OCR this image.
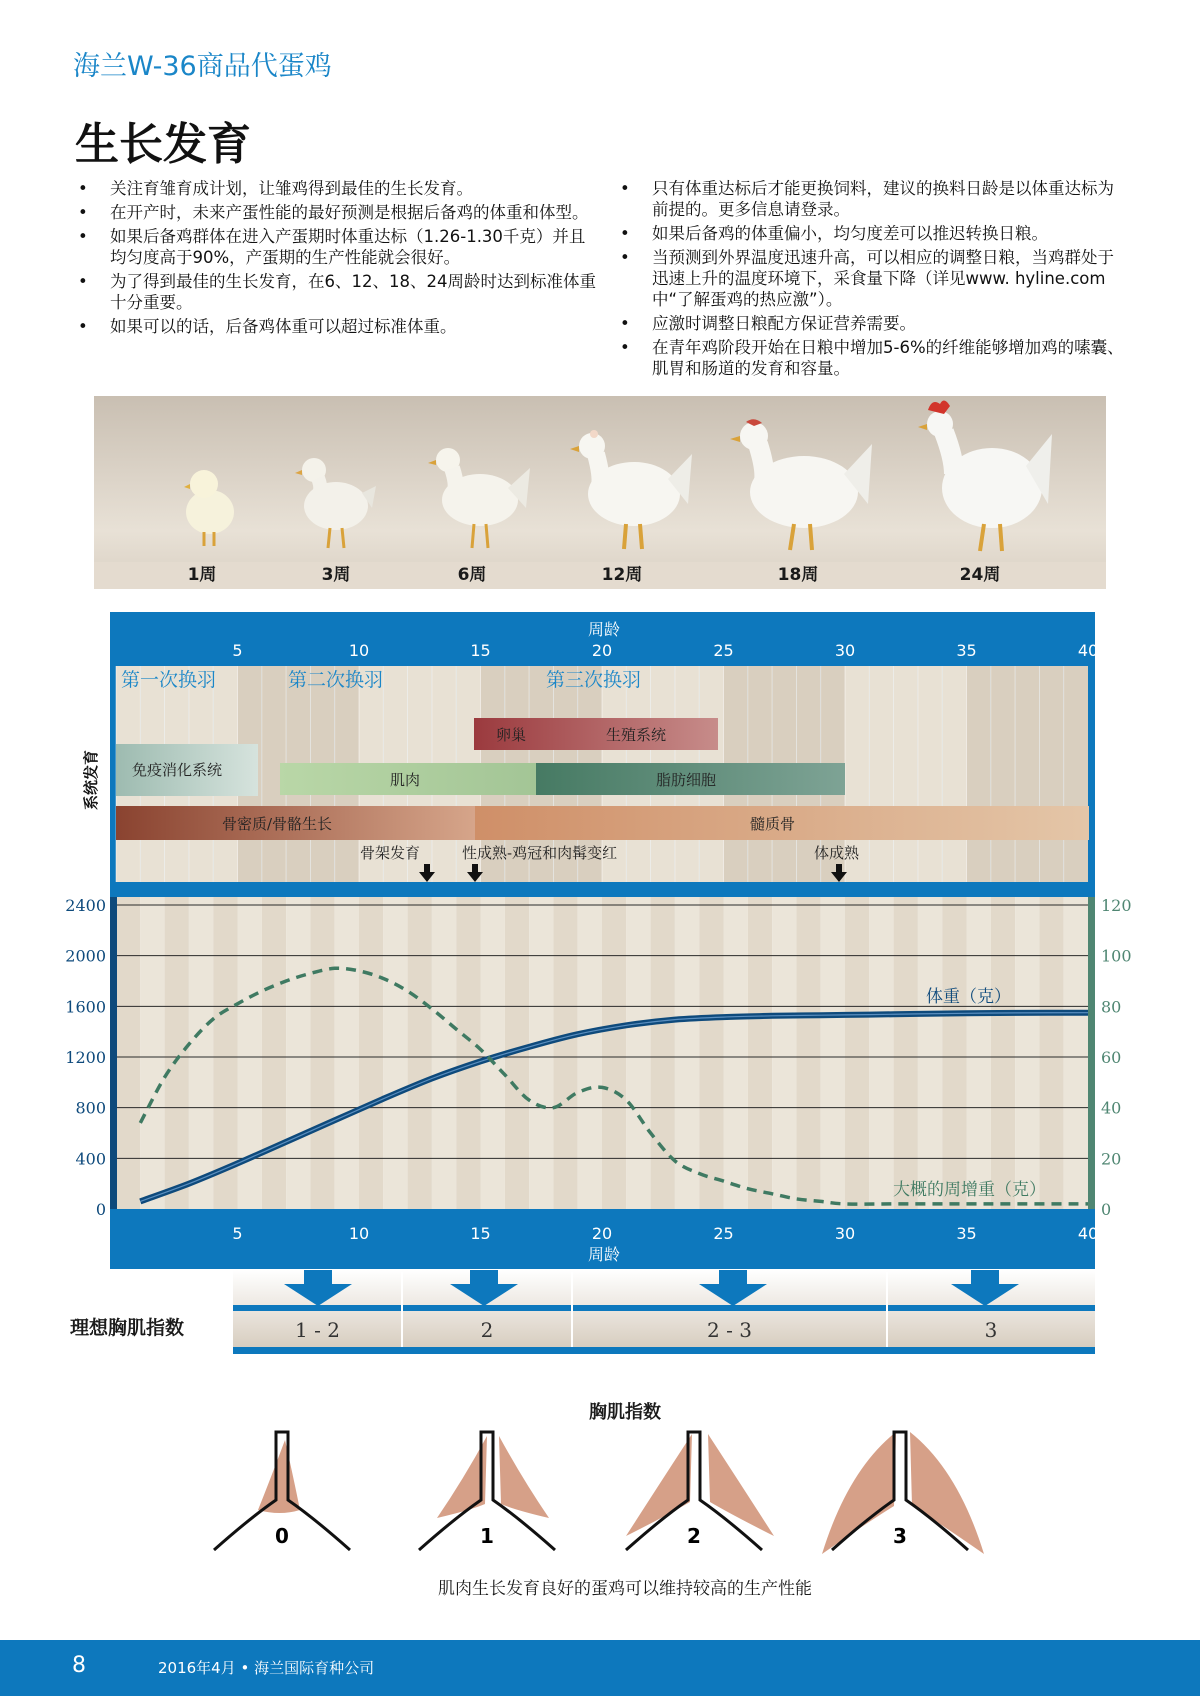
海兰W-36商品代蛋鸡
生长发育
• 关注育雏育成计划，让雏鸡得到最佳的生长发育。
• 在开产时，未来产蛋性能的最好预测是根据后备鸡的体重和体型。
• 如果后备鸡群体在进入产蛋期时体重达标（1.26-1.30千克）并且均匀度高于90%，产蛋期的生产性能就会很好。
• 为了得到最佳的生长发育，在6、12、18、24周龄时达到标准体重十分重要。
• 如果可以的话，后备鸡体重可以超过标准体重。
• 只有体重达标后才能更换饲料，建议的换料日龄是以体重达标为前提的。更多信息请登录。
• 如果后备鸡的体重偏小，均匀度差可以推迟转换日粮。
• 当预测到外界温度迅速升高，可以相应的调整日粮，当鸡群处于迅速上升的温度环境下，采食量下降（详见www. hyline.com中“了解蛋鸡的热应激”）。
• 应激时调整日粮配方保证营养需要。
• 在青年鸡阶段开始在日粮中增加5-6%的纤维能够增加鸡的嗉囊、肌胃和肠道的发育和容量。
1周	3周	6周	12周	18周	24周
卵巢	生殖系统
免疫消化系统
肌肉	脂肪细胞
骨密质/骨骼生长	髓质骨
第一次换羽	第二次换羽	第三次换羽
骨架发育	性成熟-鸡冠和肉髯变红	体成熟
周龄
5	10	15	20	25	30	35	40
系统发育
0
400
800
1200
1600
2000
2400
0
20
40
60
80
100
120
5	10	15	20	25	30	35	40
周龄
体重（克）
大概的周增重（克）
1 - 2	2	2 - 3	3
0	1	2	3
理想胸肌指数
胸肌指数
肌肉生长发育良好的蛋鸡可以维持较高的生产性能
8	2016年4月 • 海兰国际育种公司
